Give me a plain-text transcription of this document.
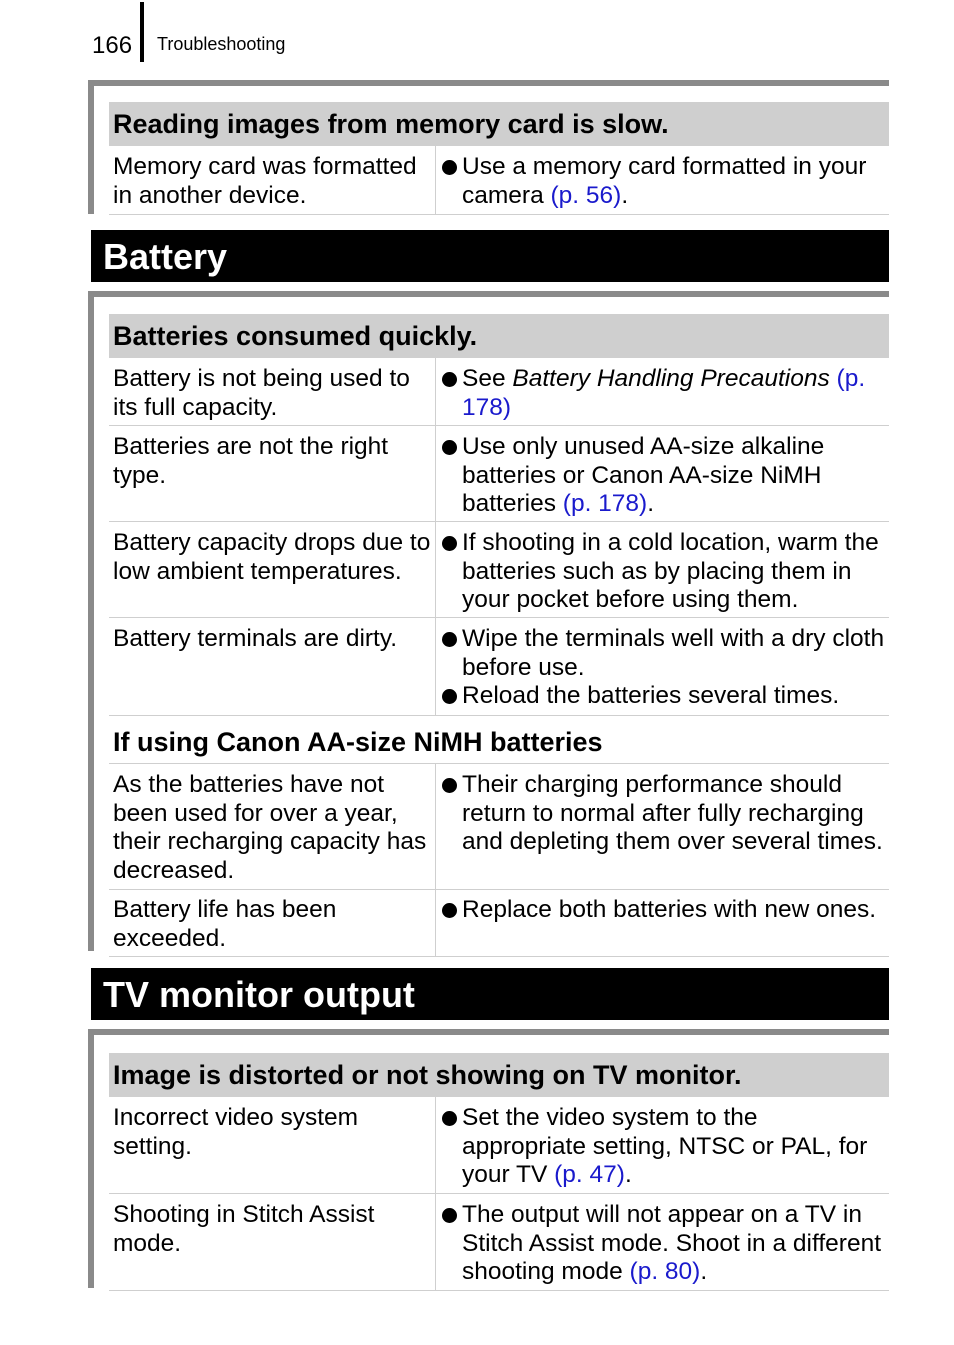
166 Troubleshooting
Reading images from memory card is slow.
Memory card was formatted in another device.
Use a memory card formatted in your camera (p. 56).
Battery
Batteries consumed quickly.
Battery is not being used to its full capacity.
See Battery Handling Precautions (p. 178)
Batteries are not the right type.
Use only unused AA-size alkaline batteries or Canon AA-size NiMH batteries (p. 178).
Battery capacity drops due to low ambient temperatures.
If shooting in a cold location, warm the batteries such as by placing them in your pocket before using them.
Battery terminals are dirty.	Wipe the terminals well with a dry cloth before use.
Reload the batteries several times.
If using Canon AA-size NiMH batteries
As the batteries have not been used for over a year, their recharging capacity has decreased.
Their charging performance should return to normal after fully recharging and depleting them over several times.
Battery life has been exceeded.
Replace both batteries with new ones.
TV monitor output
Image is distorted or not showing on TV monitor.
Incorrect video system setting.
Set the video system to the appropriate setting, NTSC or PAL, for your TV (p. 47).
Shooting in Stitch Assist mode.
The output will not appear on a TV in Stitch Assist mode. Shoot in a different shooting mode (p. 80).
